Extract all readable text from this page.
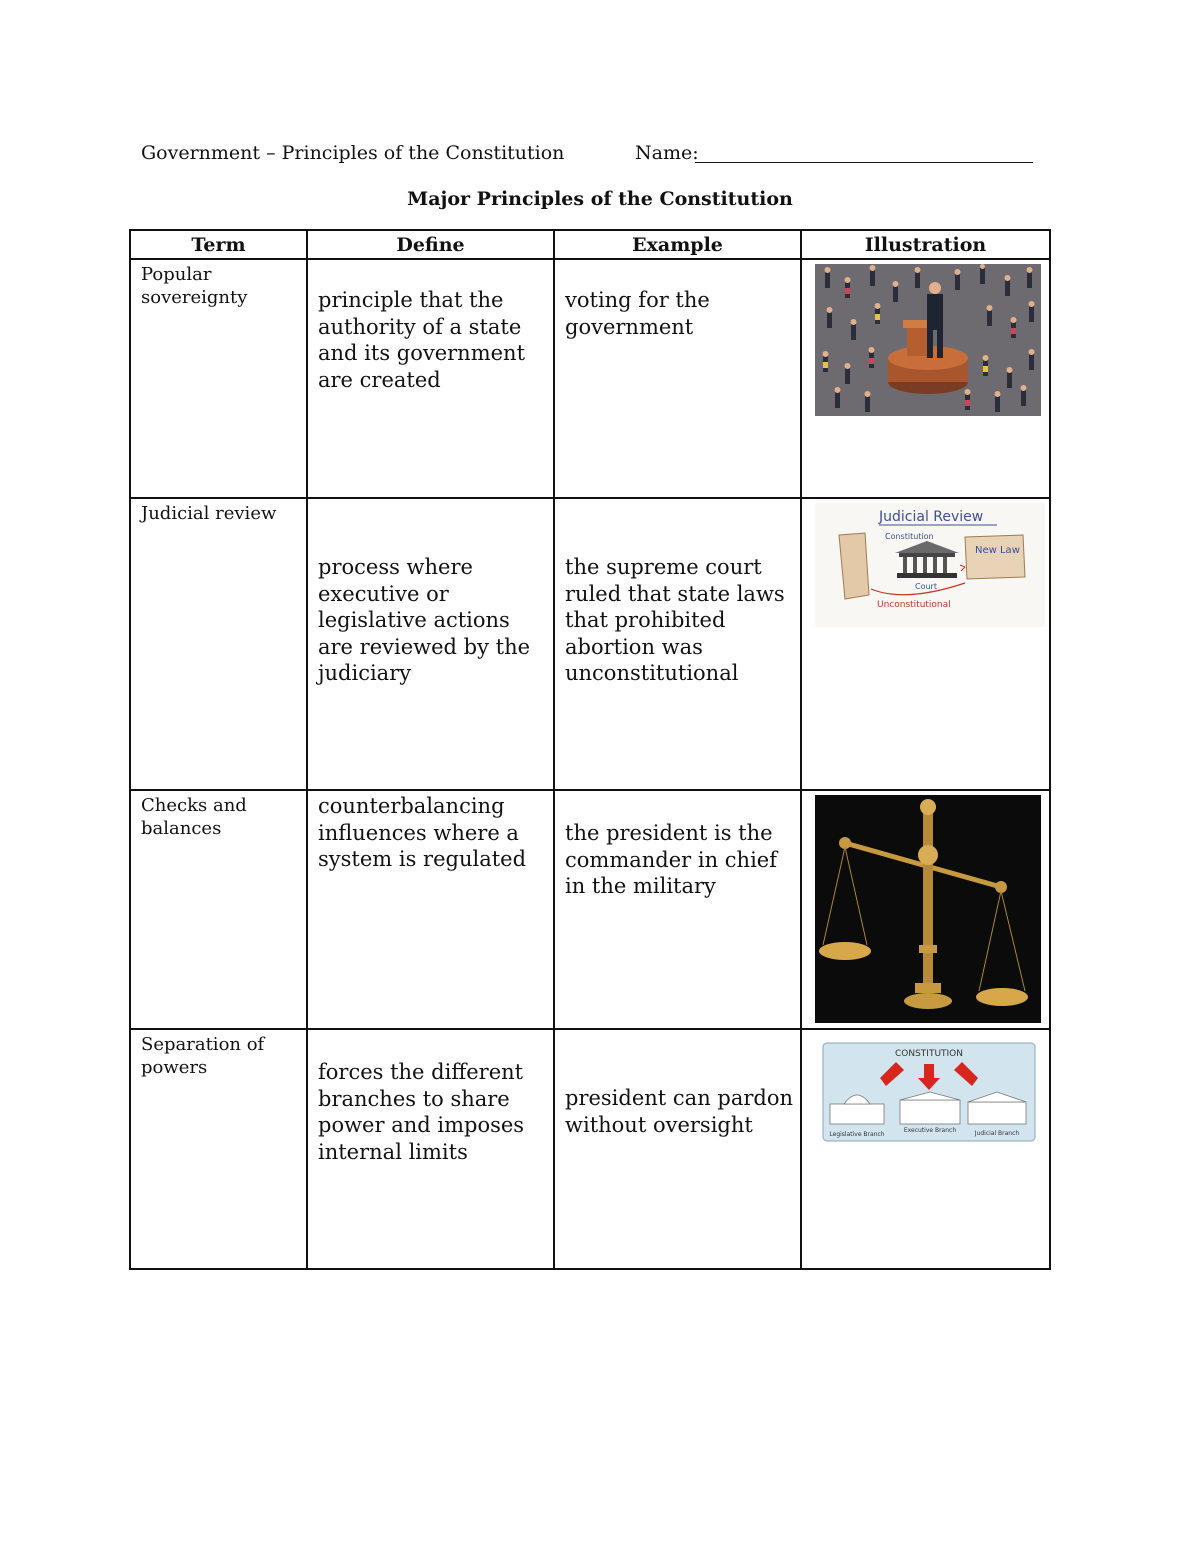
Government – Principles of the Constitution	Name:
Major Principles of the Constitution
Term	Define	Example	Illustration

Popular sovereignty	principle that the authority of a state and its government are created	voting for the government

Judicial review	process where executive or legislative actions are reviewed by the judiciary	the supreme court ruled that state laws that prohibited abortion was unconstitutional	Judicial Review
Constitution
New Law
Court
Unconstitutional

Checks and balances	counterbalancing influences where a system is regulated	the president is the commander in chief in the military

Separation of powers	forces the different branches to share power and imposes internal limits	president can pardon without oversight	CONSTITUTION
Legislative Branch
Executive Branch Judicial Branch
